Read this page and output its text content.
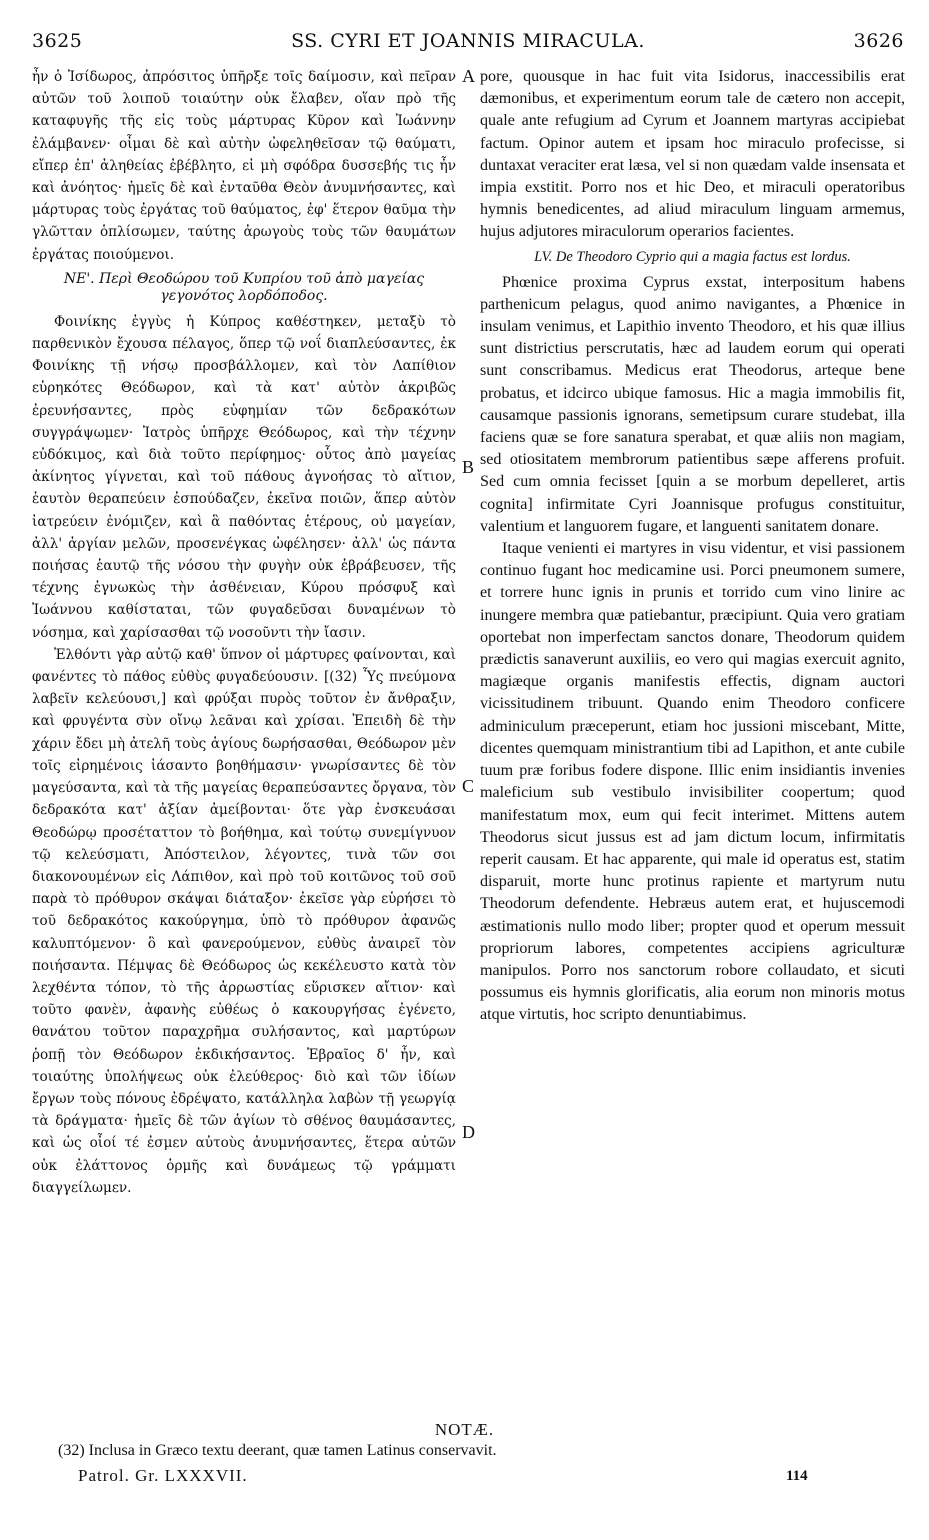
3625	SS. CYRI ET JOANNIS MIRACULA.	3626

ἦν ὁ Ἰσίδωρος, ἀπρόσιτος ὑπῆρξε τοῖς δαίμοσιν, καὶ πεῖραν αὐτῶν τοῦ λοιποῦ τοιαύτην οὐκ ἔλαβεν, οἵαν πρὸ τῆς καταφυγῆς τῆς εἰς τοὺς μάρτυρας Κῦρον καὶ Ἰωάννην ἐλάμβανεν· οἶμαι δὲ καὶ αὐτὴν ὠφεληθεῖσαν τῷ θαύματι, εἴπερ ἐπ' ἀληθείας ἐβέβλητο, εἰ μὴ σφόδρα δυσσεβής τις ἦν καὶ ἀνόητος· ἡμεῖς δὲ καὶ ἐνταῦθα Θεὸν ἀνυμνήσαντες, καὶ μάρτυρας τοὺς ἐργάτας τοῦ θαύματος, ἐφ' ἕτερον θαῦμα τὴν γλῶτταν ὁπλίσωμεν, ταύτης ἀρωγοὺς τοὺς τῶν θαυμάτων ἐργάτας ποιούμενοι.

ΝΕ'. Περὶ Θεοδώρου τοῦ Κυπρίου τοῦ ἀπὸ μαγείας γεγονότος λορδόποδος.

Φοινίκης ἐγγὺς ἡ Κύπρος καθέστηκεν, μεταξὺ τὸ παρθενικὸν ἔχουσα πέλαγος, ὅπερ τῷ νοΐ διαπλεύσαντες, ἐκ Φοινίκης τῇ νήσῳ προσβάλλομεν, καὶ τὸν Λαπίθιον εὑρηκότες Θεόδωρον, καὶ τὰ κατ' αὐτὸν ἀκριβῶς ἐρευνήσαντες, πρὸς εὐφημίαν τῶν δεδρακότων συγγράψωμεν· Ἰατρὸς ὑπῆρχε Θεόδωρος, καὶ τὴν τέχνην εὐδόκιμος, καὶ διὰ τοῦτο περίφημος· οὗτος ἀπὸ μαγείας ἀκίνητος γίγνεται, καὶ τοῦ πάθους ἀγνοήσας τὸ αἴτιον, ἑαυτὸν θεραπεύειν ἐσπούδαζεν, ἐκεῖνα ποιῶν, ἅπερ αὐτὸν ἰατρεύειν ἐνόμιζεν, καὶ ἃ παθόντας ἑτέρους, οὐ μαγείαν, ἀλλ' ἀργίαν μελῶν, προσενέγκας ὠφέλησεν· ἀλλ' ὡς πάντα ποιήσας ἑαυτῷ τῆς νόσου τὴν φυγὴν οὐκ ἐβράβευσεν, τῆς τέχνης ἐγνωκὼς τὴν ἀσθένειαν, Κύρου πρόσφυξ καὶ Ἰωάννου καθίσταται, τῶν φυγαδεῦσαι δυναμένων τὸ νόσημα, καὶ χαρίσασθαι τῷ νοσοῦντι τὴν ἴασιν.

Ἐλθόντι γὰρ αὐτῷ καθ' ὕπνον οἱ μάρτυρες φαίνονται, καὶ φανέντες τὸ πάθος εὐθὺς φυγαδεύουσιν. [(32) Ὗς πνεύμονα λαβεῖν κελεύουσι,] καὶ φρύξαι πυρὸς τοῦτον ἐν ἄνθραξιν, καὶ φρυγέντα σὺν οἴνῳ λεᾶναι καὶ χρίσαι. Ἐπειδὴ δὲ τὴν χάριν ἔδει μὴ ἀτελῆ τοὺς ἁγίους δωρήσασθαι, Θεόδωρον μὲν τοῖς εἰρημένοις ἰάσαντο βοηθήμασιν· γνωρίσαντες δὲ τὸν μαγεύσαντα, καὶ τὰ τῆς μαγείας θεραπεύσαντες ὄργανα, τὸν δεδρακότα κατ' ἀξίαν ἀμείβονται· ὅτε γὰρ ἐνσκευάσαι Θεοδώρῳ προσέταττον τὸ βοήθημα, καὶ τούτῳ συνεμίγνυον τῷ κελεύσματι, Ἀπόστειλον, λέγοντες, τινὰ τῶν σοι διακονουμένων εἰς Λάπιθον, καὶ πρὸ τοῦ κοιτῶνος τοῦ σοῦ παρὰ τὸ πρόθυρον σκάψαι διάταξον· ἐκεῖσε γὰρ εὑρήσει τὸ τοῦ δεδρακότος κακούργημα, ὑπὸ τὸ πρόθυρον ἀφανῶς καλυπτόμενον· ὃ καὶ φανερούμενον, εὐθὺς ἀναιρεῖ τὸν ποιήσαντα. Πέμψας δὲ Θεόδωρος ὡς κεκέλευστο κατὰ τὸν λεχθέντα τόπον, τὸ τῆς ἀρρωστίας εὕρισκεν αἴτιον· καὶ τοῦτο φανὲν, ἀφανὴς εὐθέως ὁ κακουργήσας ἐγένετο, θανάτου τοῦτον παραχρῆμα συλήσαντος, καὶ μαρτύρων ῥοπῇ τὸν Θεόδωρον ἐκδικήσαντος. Ἑβραῖος δ' ἦν, καὶ τοιαύτης ὑπολήψεως οὐκ ἐλεύθερος· διὸ καὶ τῶν ἰδίων ἔργων τοὺς πόνους ἐδρέψατο, κατάλληλα λαβὼν τῇ γεωργίᾳ τὰ δράγματα· ἡμεῖς δὲ τῶν ἁγίων τὸ σθένος θαυμάσαντες, καὶ ὡς οἷοί τέ ἐσμεν αὐτοὺς ἀνυμνήσαντες, ἕτερα αὐτῶν οὐκ ἐλάττονος ὁρμῆς καὶ δυνάμεως τῷ γράμματι διαγγείλωμεν.

A
B
C
D

pore, quousque in hac fuit vita Isidorus, inaccessibilis erat dæmonibus, et experimentum eorum tale de cætero non accepit, quale ante refugium ad Cyrum et Joannem martyras accipiebat factum. Opinor autem et ipsam hoc miraculo profecisse, si duntaxat veraciter erat læsa, vel si non quædam valde insensata et impia exstitit. Porro nos et hic Deo, et miraculi operatoribus hymnis benedicentes, ad aliud miraculum linguam armemus, hujus adjutores miraculorum operarios facientes.

LV. De Theodoro Cyprio qui a magia factus est lordus.

Phœnice proxima Cyprus exstat, interpositum habens parthenicum pelagus, quod animo navigantes, a Phœnice in insulam venimus, et Lapithio invento Theodoro, et his quæ illius sunt districtius perscrutatis, hæc ad laudem eorum qui operati sunt conscribamus. Medicus erat Theodorus, arteque bene probatus, et idcirco ubique famosus. Hic a magia immobilis fit, causamque passionis ignorans, semetipsum curare studebat, illa faciens quæ se fore sanatura sperabat, et quæ aliis non magiam, sed otiositatem membrorum patientibus sæpe afferens profuit. Sed cum omnia fecisset [quin a se morbum depelleret, artis cognita] infirmitate Cyri Joannisque profugus constituitur, valentium et languorem fugare, et languenti sanitatem donare.

Itaque venienti ei martyres in visu videntur, et visi passionem continuo fugant hoc medicamine usi. Porci pneumonem sumere, et torrere hunc ignis in prunis et torrido cum vino linire ac inungere membra quæ patiebantur, præcipiunt. Quia vero gratiam oportebat non imperfectam sanctos donare, Theodorum quidem prædictis sanaverunt auxiliis, eo vero qui magias exercuit agnito, magiæque organis manifestis effectis, dignam auctori vicissitudinem tribuunt. Quando enim Theodoro conficere adminiculum præceperunt, etiam hoc jussioni miscebant, Mitte, dicentes quemquam ministrantium tibi ad Lapithon, et ante cubile tuum præ foribus fodere dispone. Illic enim insidiantis invenies maleficium sub vestibulo invisibiliter coopertum; quod manifestatum mox, eum qui fecit interimet. Mittens autem Theodorus sicut jussus est ad jam dictum locum, infirmitatis reperit causam. Et hac apparente, qui male id operatus est, statim disparuit, morte hunc protinus rapiente et martyrum nutu Theodorum defendente. Hebræus autem erat, et hujuscemodi æstimationis nullo modo liber; propter quod et operum messuit propriorum labores, competentes accipiens agriculturæ manipulos. Porro nos sanctorum robore collaudato, et sicuti possumus eis hymnis glorificatis, alia eorum non minoris motus atque virtutis, hoc scripto denuntiabimus.

NOTÆ.
(32) Inclusa in Græco textu deerant, quæ tamen Latinus conservavit.
Patrol. Gr. LXXXVII.	114
